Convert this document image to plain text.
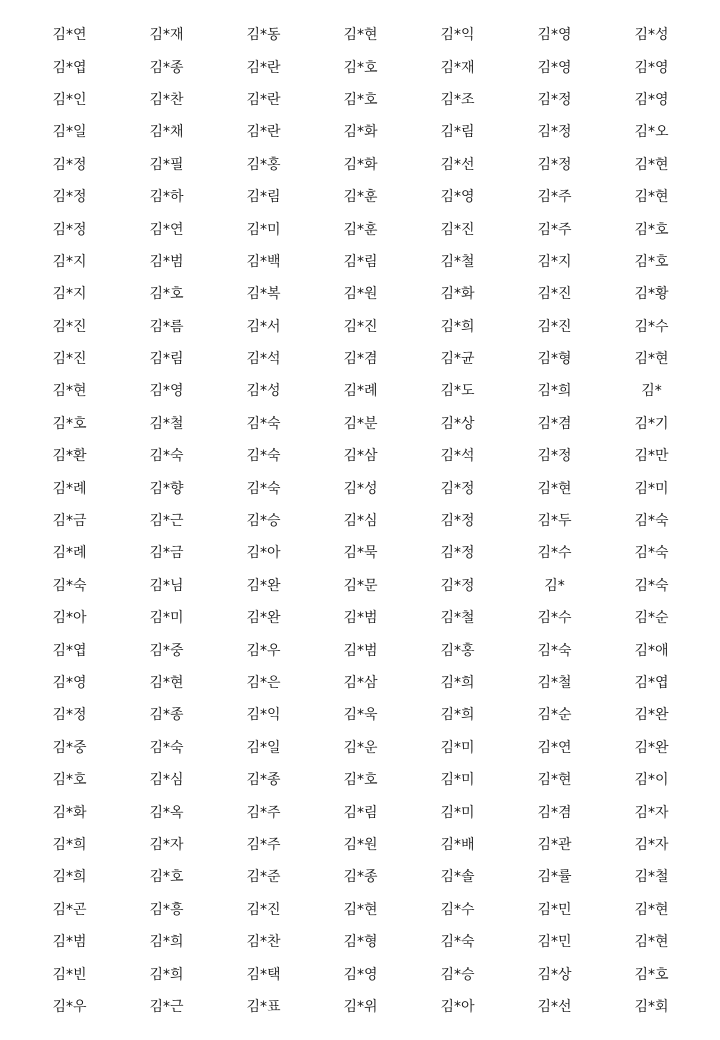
김*연	김*재	김*동	김*현	김*익	김*영	김*성
김*엽	김*종	김*란	김*호	김*재	김*영	김*영
김*인	김*찬	김*란	김*호	김*조	김*정	김*영
김*일	김*채	김*란	김*화	김*림	김*정	김*오
김*정	김*필	김*홍	김*화	김*선	김*정	김*현
김*정	김*하	김*림	김*훈	김*영	김*주	김*현
김*정	김*연	김*미	김*훈	김*진	김*주	김*호
김*지	김*범	김*백	김*림	김*철	김*지	김*호
김*지	김*호	김*복	김*원	김*화	김*진	김*황
김*진	김*름	김*서	김*진	김*희	김*진	김*수
김*진	김*림	김*석	김*겸	김*균	김*형	김*현
김*현	김*영	김*성	김*례	김*도	김*희	김*
김*호	김*철	김*숙	김*분	김*상	김*겸	김*기
김*환	김*숙	김*숙	김*삼	김*석	김*정	김*만
김*례	김*향	김*숙	김*성	김*정	김*현	김*미
김*금	김*근	김*승	김*심	김*정	김*두	김*숙
김*례	김*금	김*아	김*묵	김*정	김*수	김*숙
김*숙	김*님	김*완	김*문	김*정	김*	김*숙
김*아	김*미	김*완	김*범	김*철	김*수	김*순
김*엽	김*중	김*우	김*범	김*홍	김*숙	김*애
김*영	김*현	김*은	김*삼	김*희	김*철	김*엽
김*정	김*종	김*익	김*욱	김*희	김*순	김*완
김*중	김*숙	김*일	김*운	김*미	김*연	김*완
김*호	김*심	김*종	김*호	김*미	김*현	김*이
김*화	김*옥	김*주	김*림	김*미	김*겸	김*자
김*희	김*자	김*주	김*원	김*배	김*관	김*자
김*희	김*호	김*준	김*종	김*솔	김*률	김*철
김*곤	김*흥	김*진	김*현	김*수	김*민	김*현
김*범	김*희	김*찬	김*형	김*숙	김*민	김*현
김*빈	김*희	김*택	김*영	김*승	김*상	김*호
김*우	김*근	김*표	김*위	김*아	김*선	김*회
